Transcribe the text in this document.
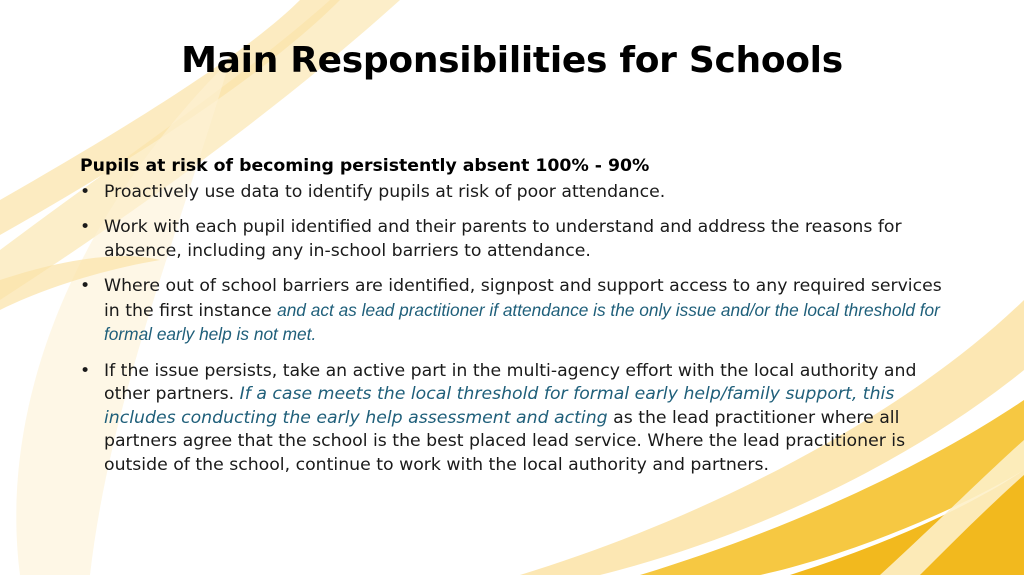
Main Responsibilities for Schools
Pupils at risk of becoming persistently absent 100% - 90%
• Proactively use data to identify pupils at risk of poor attendance.
• Work with each pupil identified and their parents to understand and address the reasons for absence, including any in-school barriers to attendance.
• Where out of school barriers are identified, signpost and support access to any required services in the first instance and act as lead practitioner if attendance is the only issue and/or the local threshold for formal early help is not met.
• If the issue persists, take an active part in the multi-agency effort with the local authority and other partners. If a case meets the local threshold for formal early help/family support, this includes conducting the early help assessment and acting as the lead practitioner where all partners agree that the school is the best placed lead service. Where the lead practitioner is outside of the school, continue to work with the local authority and partners.
